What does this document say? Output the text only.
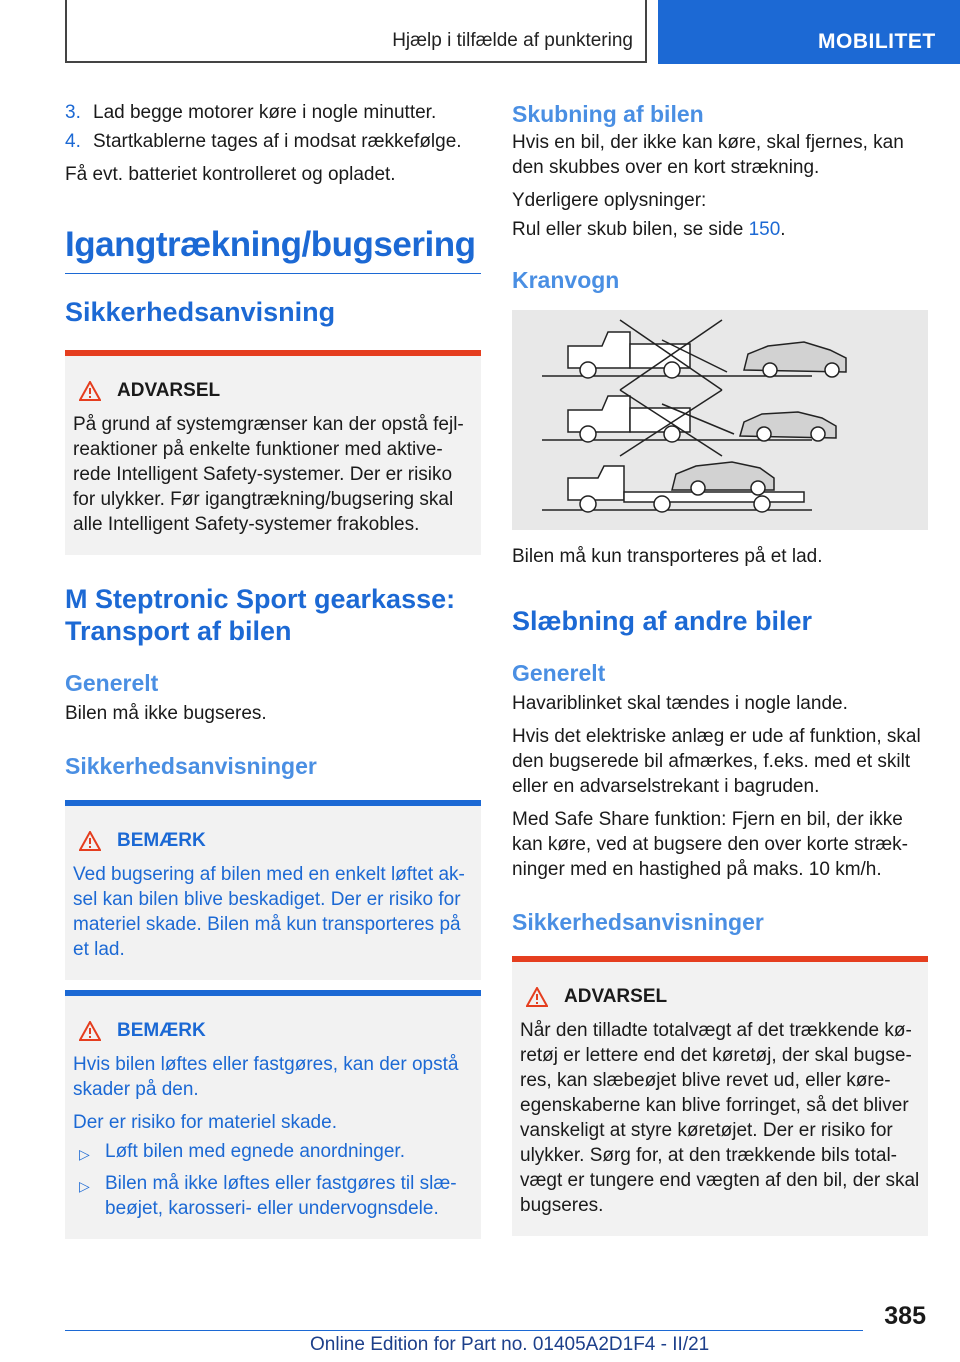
Hjælp i tilfælde af punktering	MOBILITET
3. Lad begge motorer køre i nogle minutter.
4. Startkablerne tages af i modsat rækkefølge.

Få evt. batteriet kontrolleret og opladet.

Igangtrækning/bugsering
Sikkerhedsanvisning
ADVARSEL

På grund af systemgrænser kan der opstå fejl-

reaktioner på enkelte funktioner med aktive-

rede Intelligent Safety-systemer. Der er risiko

for ulykker. Før igangtrækning/bugsering skal

alle Intelligent Safety-systemer frakobles.

M Steptronic Sport gearkasse:
Transport af bilen
Generelt

Bilen må ikke bugseres.

Sikkerhedsanvisninger
BEMÆRK

Ved bugsering af bilen med en enkelt løftet ak-

sel kan bilen blive beskadiget. Der er risiko for

materiel skade. Bilen må kun transporteres på

et lad.

BEMÆRK

Hvis bilen løftes eller fastgøres, kan der opstå

skader på den.

Der er risiko for materiel skade.

▷ Løft bilen med egnede anordninger.
▷ Bilen må ikke løftes eller fastgøres til slæ-
beøjet, karosseri- eller undervognsdele.
Skubning af bilen

Hvis en bil, der ikke kan køre, skal fjernes, kan

den skubbes over en kort strækning.

Yderligere oplysninger:

Rul eller skub bilen, se side 150.

Kranvogn

Bilen må kun transporteres på et lad.

Slæbning af andre biler
Generelt

Havariblinket skal tændes i nogle lande.

Hvis det elektriske anlæg er ude af funktion, skal

den bugserede bil afmærkes, f.eks. med et skilt

eller en advarselstrekant i bagruden.

Med Safe Share funktion: Fjern en bil, der ikke

kan køre, ved at bugsere den over korte stræk-

ninger med en hastighed på maks. 10 km/h.

Sikkerhedsanvisninger
ADVARSEL

Når den tilladte totalvægt af det trækkende kø-

retøj er lettere end det køretøj, der skal bugse-

res, kan slæbeøjet blive revet ud, eller køre-

egenskaberne kan blive forringet, så det bliver

vanskeligt at styre køretøjet. Der er risiko for

ulykker. Sørg for, at den trækkende bils total-

vægt er tungere end vægten af den bil, der skal

bugseres.

385
Online Edition for Part no. 01405A2D1F4 - II/21
